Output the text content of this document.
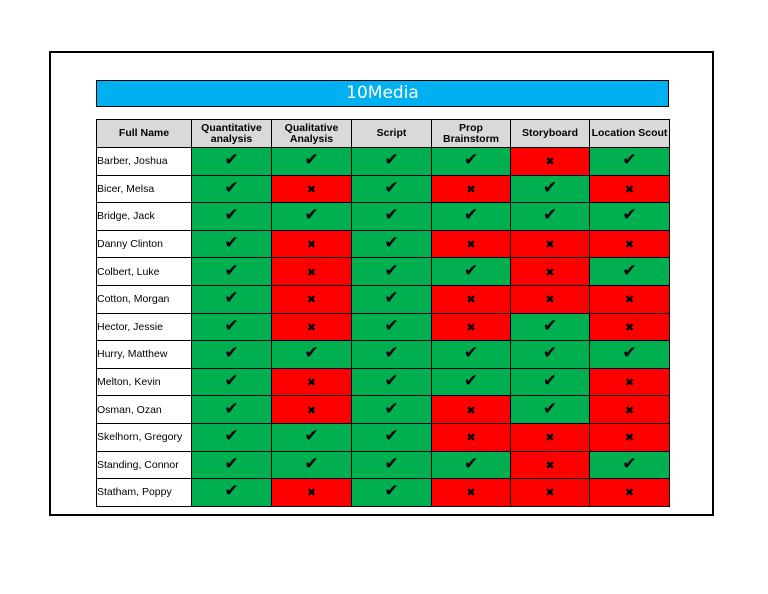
10Media
Full Name	Quantitative analysis	Qualitative Analysis	Script	Prop Brainstorm	Storyboard	Location Scout
Barber, Joshua	✔	✔	✔	✔	✖	✔
Bicer, Melsa	✔	✖	✔	✖	✔	✖
Bridge, Jack	✔	✔	✔	✔	✔	✔
Danny Clinton	✔	✖	✔	✖	✖	✖
Colbert, Luke	✔	✖	✔	✔	✖	✔
Cotton, Morgan	✔	✖	✔	✖	✖	✖
Hector, Jessie	✔	✖	✔	✖	✔	✖
Hurry, Matthew	✔	✔	✔	✔	✔	✔
Melton, Kevin	✔	✖	✔	✔	✔	✖
Osman, Ozan	✔	✖	✔	✖	✔	✖
Skelhorn, Gregory	✔	✔	✔	✖	✖	✖
Standing, Connor	✔	✔	✔	✔	✖	✔
Statham, Poppy	✔	✖	✔	✖	✖	✖
